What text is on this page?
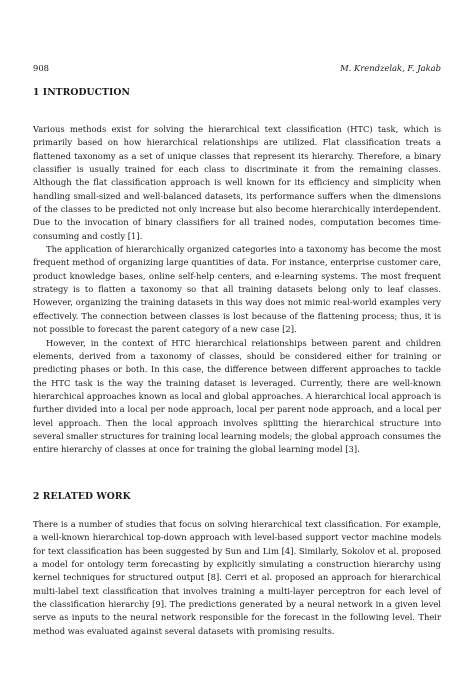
908	M. Krendzelak, F. Jakab
1 INTRODUCTION

Various methods exist for solving the hierarchical text classification (HTC) task, which is primarily based on how hierarchical relationships are utilized. Flat classification treats a flattened taxonomy as a set of unique classes that represent its hierarchy. Therefore, a binary classifier is usually trained for each class to discriminate it from the remaining classes. Although the flat classification approach is well known for its efficiency and simplicity when handling small-sized and well-balanced datasets, its performance suffers when the dimensions of the classes to be predicted not only increase but also become hierarchically interdependent. Due to the invocation of binary classifiers for all trained nodes, computation becomes time-consuming and costly [1].

The application of hierarchically organized categories into a taxonomy has become the most frequent method of organizing large quantities of data. For instance, enterprise customer care, product knowledge bases, online self-help centers, and e-learning systems. The most frequent strategy is to flatten a taxonomy so that all training datasets belong only to leaf classes. However, organizing the training datasets in this way does not mimic real-world examples very effectively. The connection between classes is lost because of the flattening process; thus, it is not possible to forecast the parent category of a new case [2].

However, in the context of HTC hierarchical relationships between parent and children elements, derived from a taxonomy of classes, should be considered either for training or predicting phases or both. In this case, the difference between different approaches to tackle the HTC task is the way the training dataset is leveraged. Currently, there are well-known hierarchical approaches known as local and global approaches. A hierarchical local approach is further divided into a local per node approach, local per parent node approach, and a local per level approach. Then the local approach involves splitting the hierarchical structure into several smaller structures for training local learning models; the global approach consumes the entire hierarchy of classes at once for training the global learning model [3].

2 RELATED WORK

There is a number of studies that focus on solving hierarchical text classification. For example, a well-known hierarchical top-down approach with level-based support vector machine models for text classification has been suggested by Sun and Lim [4]. Similarly, Sokolov et al. proposed a model for ontology term forecasting by explicitly simulating a construction hierarchy using kernel techniques for structured output [8]. Cerri et al. proposed an approach for hierarchical multi-label text classification that involves training a multi-layer perceptron for each level of the classification hierarchy [9]. The predictions generated by a neural network in a given level serve as inputs to the neural network responsible for the forecast in the following level. Their method was evaluated against several datasets with promising results.
